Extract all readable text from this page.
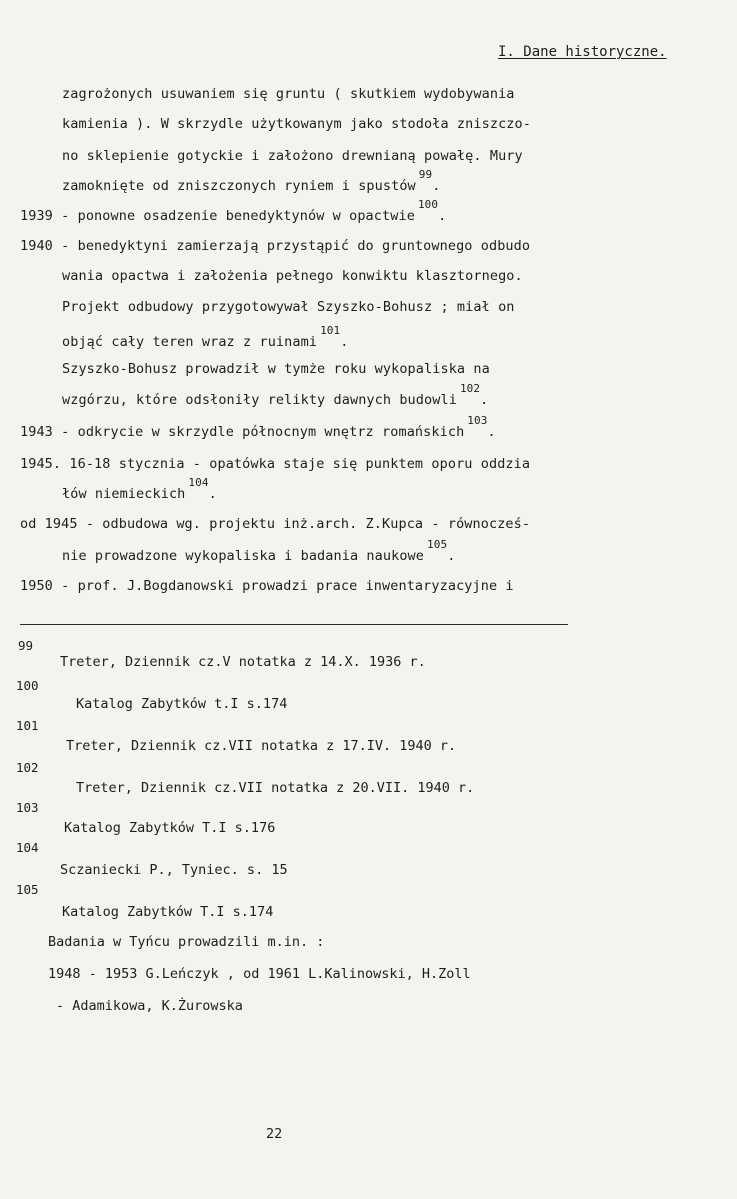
I. Dane historyczne.
zagrożonych usuwaniem się gruntu ( skutkiem wydobywania
kamienia ). W skrzydle użytkowanym jako stodoła zniszczo-
no sklepienie gotyckie i założono drewnianą powałę. Mury
zamoknięte od zniszczonych ryniem i spustów$^{99}$.
1939 - ponowne osadzenie benedyktynów w opactwie$^{100}$.
1940 - benedyktyni zamierzają przystąpić do gruntownego odbudo
wania opactwa i założenia pełnego konwiktu klasztornego.
Projekt odbudowy przygotowywał Szyszko-Bohusz ; miał on
objąć cały teren wraz z ruinami$^{101}$.
Szyszko-Bohusz prowadził w tymże roku wykopaliska na
wzgórzu, które odsłoniły relikty dawnych budowli$^{102}$.
1943 - odkrycie w skrzydle północnym wnętrz romańskich$^{103}$.
1945. 16-18 stycznia - opatówka staje się punktem oporu oddzia
łów niemieckich$^{104}$.
od 1945 - odbudowa wg. projektu inż.arch. Z.Kupca - równocześ-
nie prowadzone wykopaliska i badania naukowe$^{105}$.
1950 - prof. J.Bogdanowski prowadzi prace inwentaryzacyjne i
99
Treter, Dziennik cz.V notatka z 14.X. 1936 r.
100
Katalog Zabytków t.I s.174
101
Treter, Dziennik cz.VII notatka z 17.IV. 1940 r.
102
Treter, Dziennik cz.VII notatka z 20.VII. 1940 r.
103
Katalog Zabytków T.I s.176
104
Sczaniecki P., Tyniec. s. 15
105
Katalog Zabytków T.I s.174
Badania w Tyńcu prowadzili m.in. :
1948 - 1953 G.Leńczyk , od 1961 L.Kalinowski, H.Zoll
- Adamikowa, K.Żurowska
22
